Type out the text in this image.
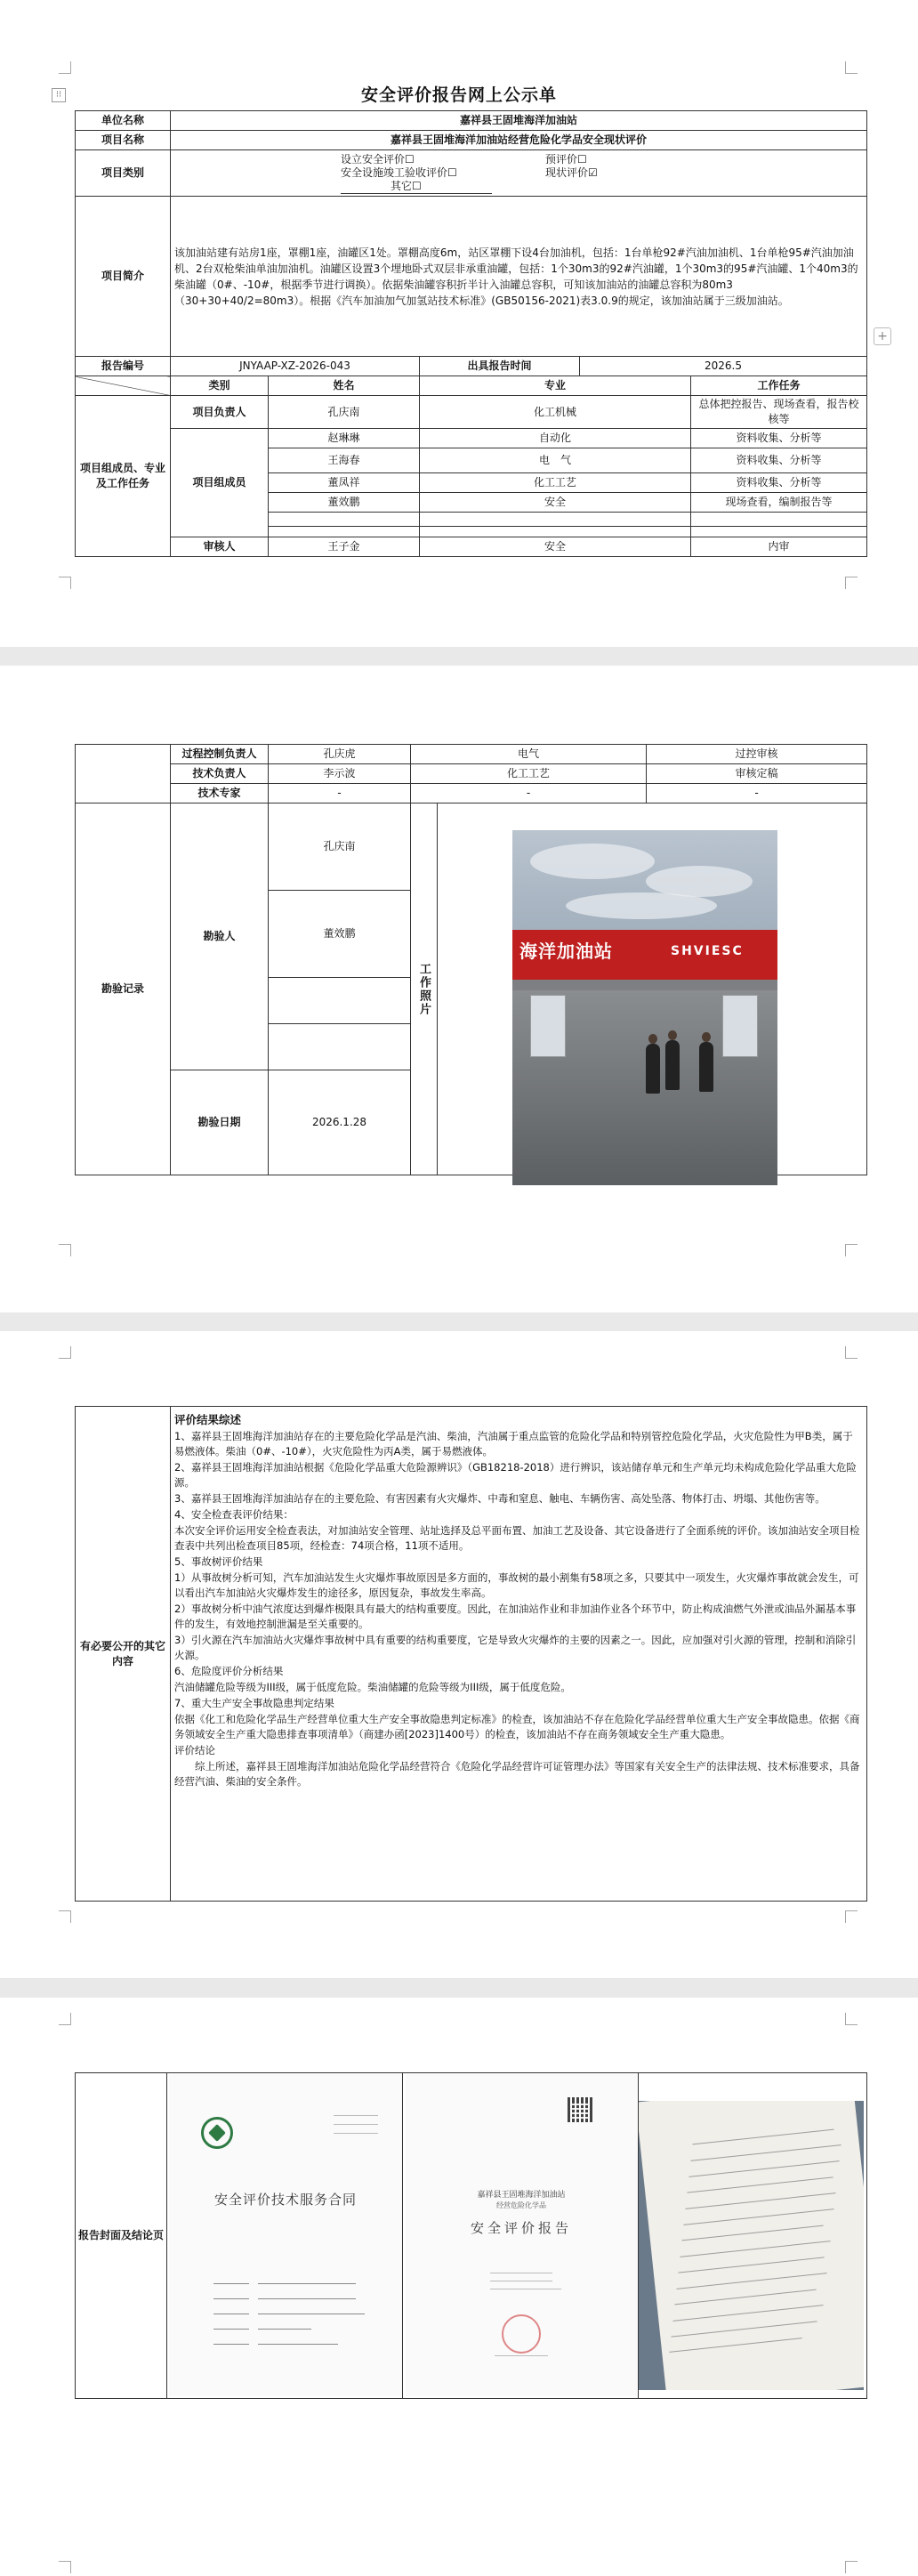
⁝⁝
+
安全评价报告网上公示单
单位名称	嘉祥县王固堆海洋加油站				
项目名称	嘉祥县王固堆海洋加油站经营危险化学品安全现状评价				
项目类别	设立安全评价☐ 预评价☐
安全设施竣工验收评价☐ 现状评价☑
其它☐				

项目简介	该加油站建有站房1座，罩棚1座，油罐区1处。罩棚高度6m，站区罩棚下设4台加油机，包括：1台单枪92#汽油加油机、1台单枪95#汽油加油机、2台双枪柴油单油加油机。油罐区设置3个埋地卧式双层非承重油罐，包括：1个30m3的92#汽油罐，1个30m3的95#汽油罐、1个40m3的柴油罐（0#、-10#，根据季节进行调换）。依据柴油罐容积折半计入油罐总容积，可知该加油站的油罐总容积为80m3（30+30+40/2=80m3）。根据《汽车加油加气加氢站技术标准》(GB50156-2021)表3.0.9的规定，该加油站属于三级加油站。				
报告编号	JNYAAP-XZ-2026-043		出具报告时间	2026.5	
	类别	姓名	专业		工作任务
项目组成员、专业及工作任务	项目负责人	孔庆南	化工机械		总体把控报告、现场查看，报告校核等
	项目组成员	赵琳琳	自动化		资料收集、分析等
		王海春	电　气		资料收集、分析等
		董凤祥	化工工艺		资料收集、分析等
		董效鹏	安全		现场查看，编制报告等

	审核人	王子金	安全		内审
	过程控制负责人	孔庆虎	电气		过控审核
	技术负责人	李示波	化工工艺		审核定稿
	技术专家	-	-		-
勘验记录	勘验人	孔庆南	工作照片		

		董效鹏			

	勘验日期	2026.1.28			
海洋加油站	SHVIESC
有必要公开的其它内容	
评价结果综述

1、嘉祥县王固堆海洋加油站存在的主要危险化学品是汽油、柴油，汽油属于重点监管的危险化学品和特别管控危险化学品，火灾危险性为甲B类，属于易燃液体。柴油（0#、-10#），火灾危险性为丙A类，属于易燃液体。

2、嘉祥县王固堆海洋加油站根据《危险化学品重大危险源辨识》（GB18218-2018）进行辨识，该站储存单元和生产单元均未构成危险化学品重大危险源。

3、嘉祥县王固堆海洋加油站存在的主要危险、有害因素有火灾爆炸、中毒和窒息、触电、车辆伤害、高处坠落、物体打击、坍塌、其他伤害等。

4、安全检查表评价结果：

本次安全评价运用安全检查表法，对加油站安全管理、站址选择及总平面布置、加油工艺及设备、其它设备进行了全面系统的评价。该加油站安全项目检查表中共列出检查项目85项，经检查：74项合格，11项不适用。

5、事故树评价结果

1）从事故树分析可知，汽车加油站发生火灾爆炸事故原因是多方面的，事故树的最小割集有58项之多，只要其中一项发生，火灾爆炸事故就会发生，可以看出汽车加油站火灾爆炸发生的途径多，原因复杂，事故发生率高。

2）事故树分析中油气浓度达到爆炸极限具有最大的结构重要度。因此，在加油站作业和非加油作业各个环节中，防止构成油燃气外泄或油品外漏基本事件的发生，有效地控制泄漏是至关重要的。

3）引火源在汽车加油站火灾爆炸事故树中具有重要的结构重要度，它是导致火灾爆炸的主要的因素之一。因此，应加强对引火源的管理，控制和消除引火源。

6、危险度评价分析结果

汽油储罐危险等级为III级，属于低度危险。柴油储罐的危险等级为III级，属于低度危险。

7、重大生产安全事故隐患判定结果

依据《化工和危险化学品生产经营单位重大生产安全事故隐患判定标准》的检查，该加油站不存在危险化学品经营单位重大生产安全事故隐患。依据《商务领域安全生产重大隐患排查事项清单》（商建办函[2023]1400号）的检查，该加油站不存在商务领域安全生产重大隐患。

评价结论

综上所述，嘉祥县王固堆海洋加油站危险化学品经营符合《危险化学品经营许可证管理办法》等国家有关安全生产的法律法规、技术标准要求，具备经营汽油、柴油的安全条件。

报告封面及结论页			
安全评价技术服务合同	嘉祥县王固堆海洋加油站
经营危险化学品
安全评价报告
